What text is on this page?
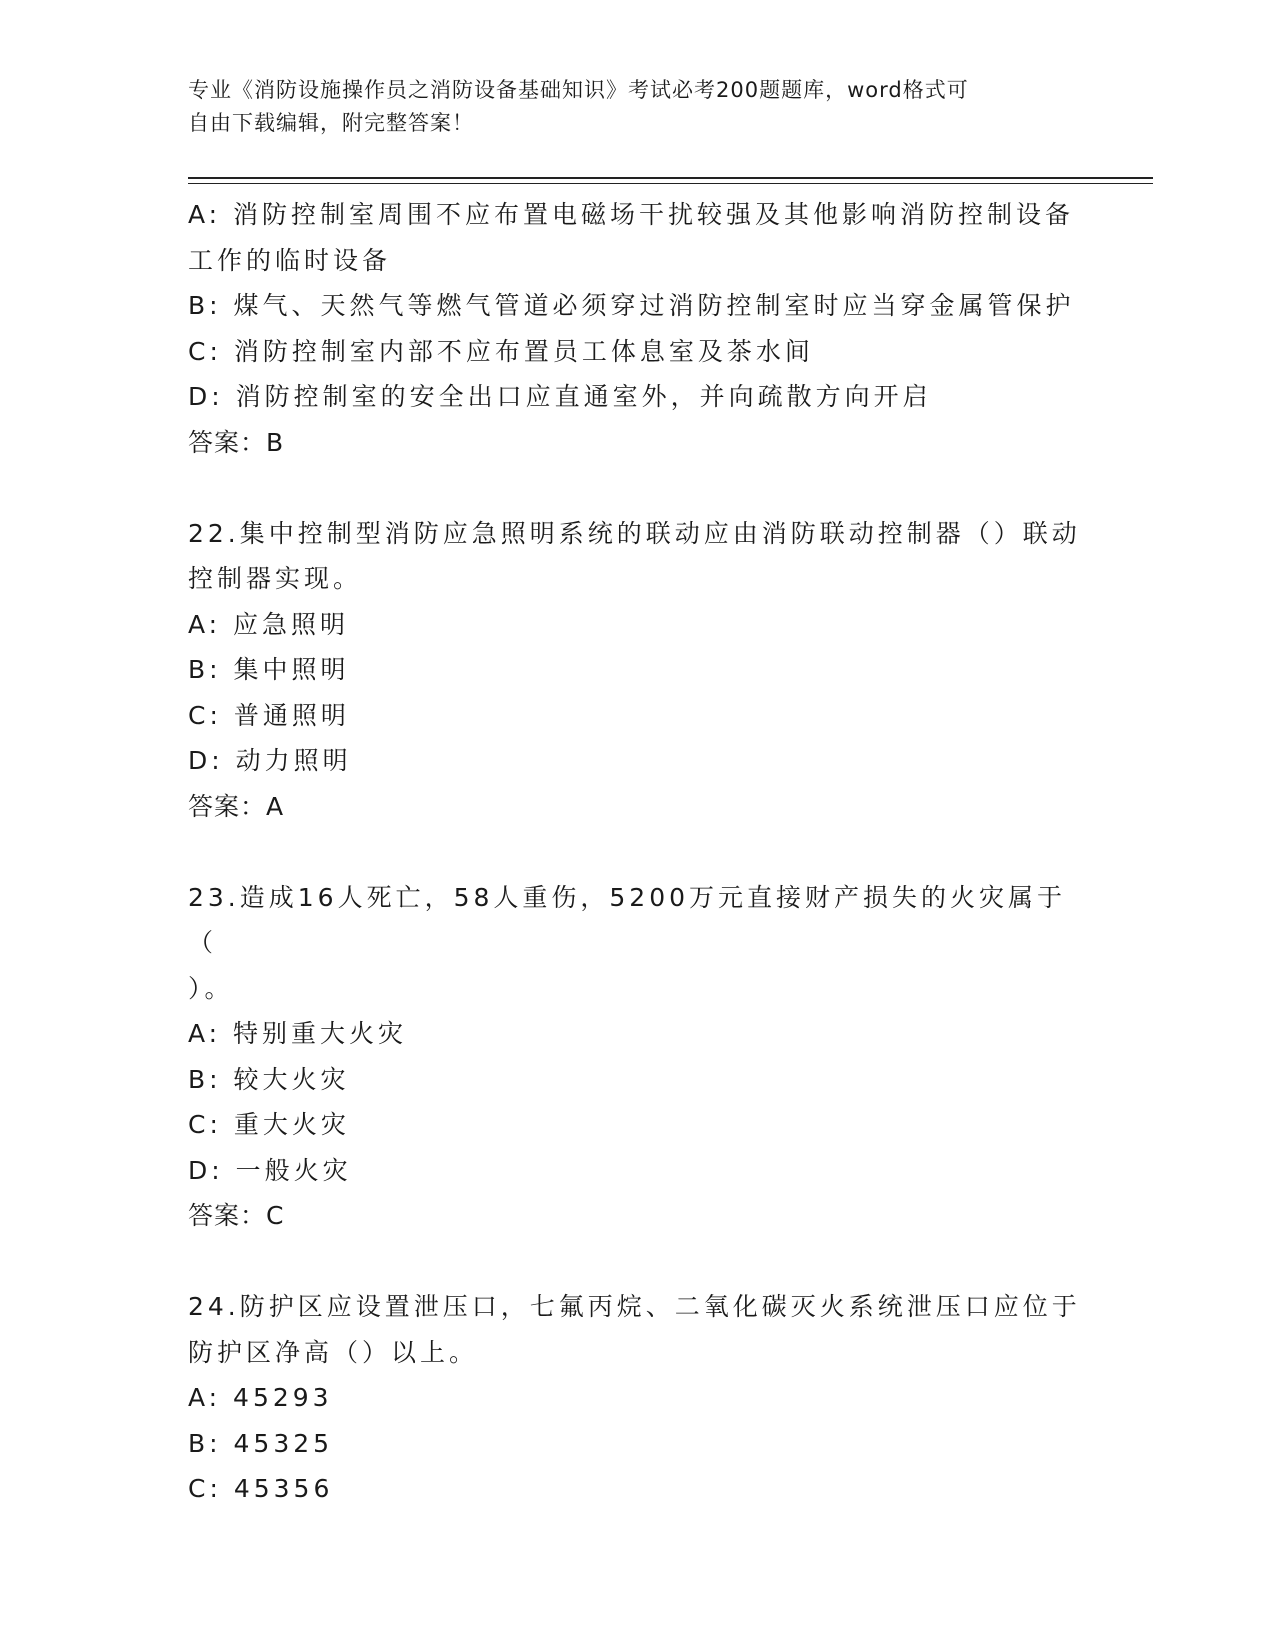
专业《消防设施操作员之消防设备基础知识》考试必考200题题库，word格式可
自由下载编辑，附完整答案！
A: 消防控制室周围不应布置电磁场干扰较强及其他影响消防控制设备
工作的临时设备
B: 煤气、天然气等燃气管道必须穿过消防控制室时应当穿金属管保护
C: 消防控制室内部不应布置员工体息室及茶水间
D: 消防控制室的安全出口应直通室外，并向疏散方向开启
答案：B
22.集中控制型消防应急照明系统的联动应由消防联动控制器（）联动
控制器实现。
A: 应急照明
B: 集中照明
C: 普通照明
D: 动力照明
答案：A
23.造成16人死亡，58人重伤，5200万元直接财产损失的火灾属于（
）。
A: 特别重大火灾
B: 较大火灾
C: 重大火灾
D: 一般火灾
答案：C
24.防护区应设置泄压口，七氟丙烷、二氧化碳灭火系统泄压口应位于
防护区净高（）以上。
A: 45293
B: 45325
C: 45356
